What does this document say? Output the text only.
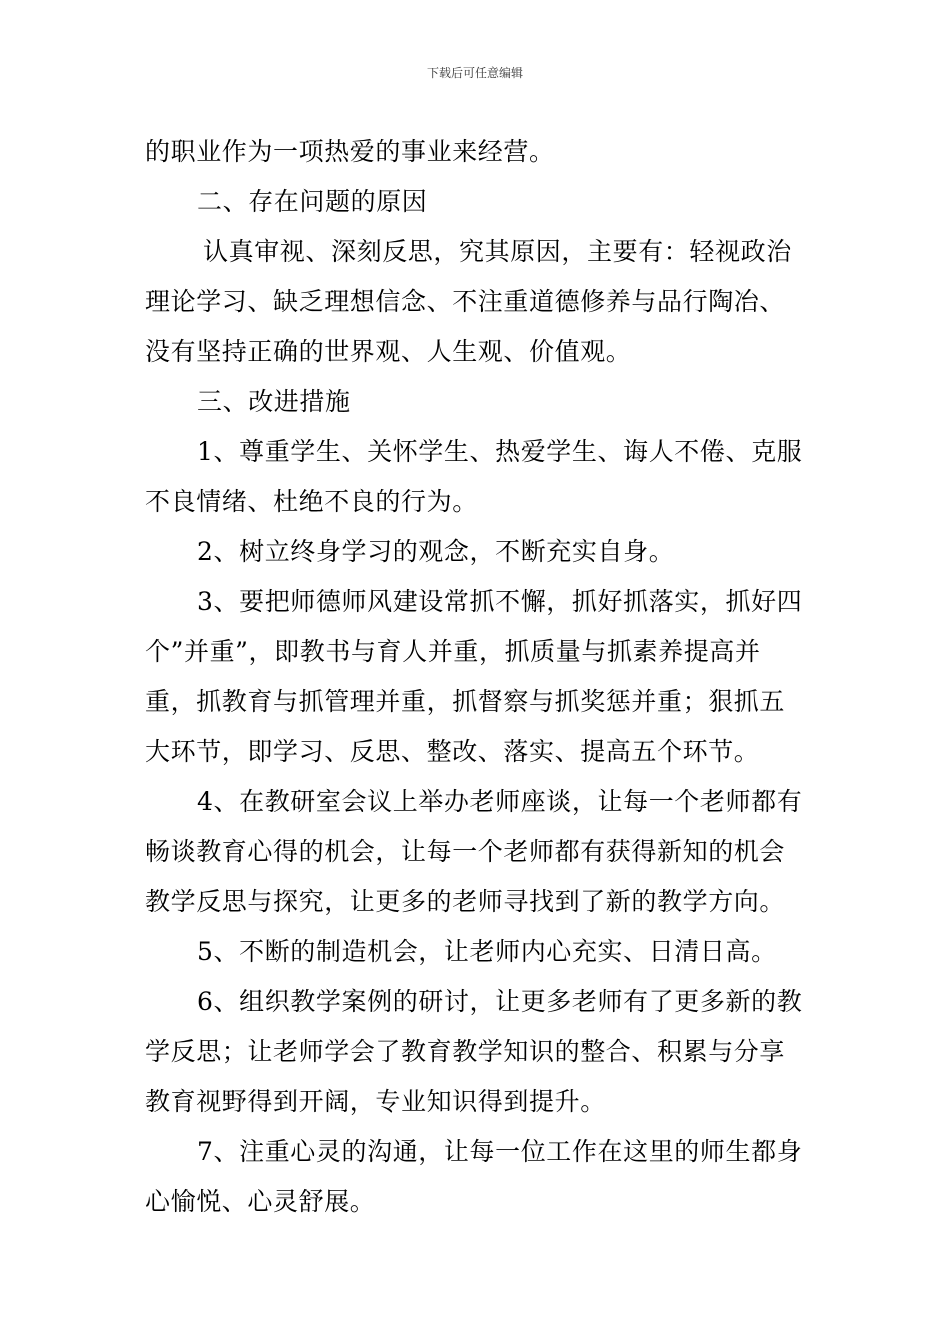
下载后可任意编辑
的职业作为一项热爱的事业来经营。
二、存在问题的原因
认真审视、深刻反思，究其原因，主要有：轻视政治
理论学习、缺乏理想信念、不注重道德修养与品行陶冶、
没有坚持正确的世界观、人生观、价值观。
三、改进措施
1、尊重学生、关怀学生、热爱学生、诲人不倦、克服
不良情绪、杜绝不良的行为。
2、树立终身学习的观念，不断充实自身。
3、要把师德师风建设常抓不懈，抓好抓落实，抓好四
个”并重”，即教书与育人并重，抓质量与抓素养提高并
重，抓教育与抓管理并重，抓督察与抓奖惩并重；狠抓五
大环节，即学习、反思、整改、落实、提高五个环节。
4、在教研室会议上举办老师座谈，让每一个老师都有
畅谈教育心得的机会，让每一个老师都有获得新知的机会
教学反思与探究，让更多的老师寻找到了新的教学方向。
5、不断的制造机会，让老师内心充实、日清日高。
6、组织教学案例的研讨，让更多老师有了更多新的教
学反思；让老师学会了教育教学知识的整合、积累与分享
教育视野得到开阔，专业知识得到提升。
7、注重心灵的沟通，让每一位工作在这里的师生都身
心愉悦、心灵舒展。
